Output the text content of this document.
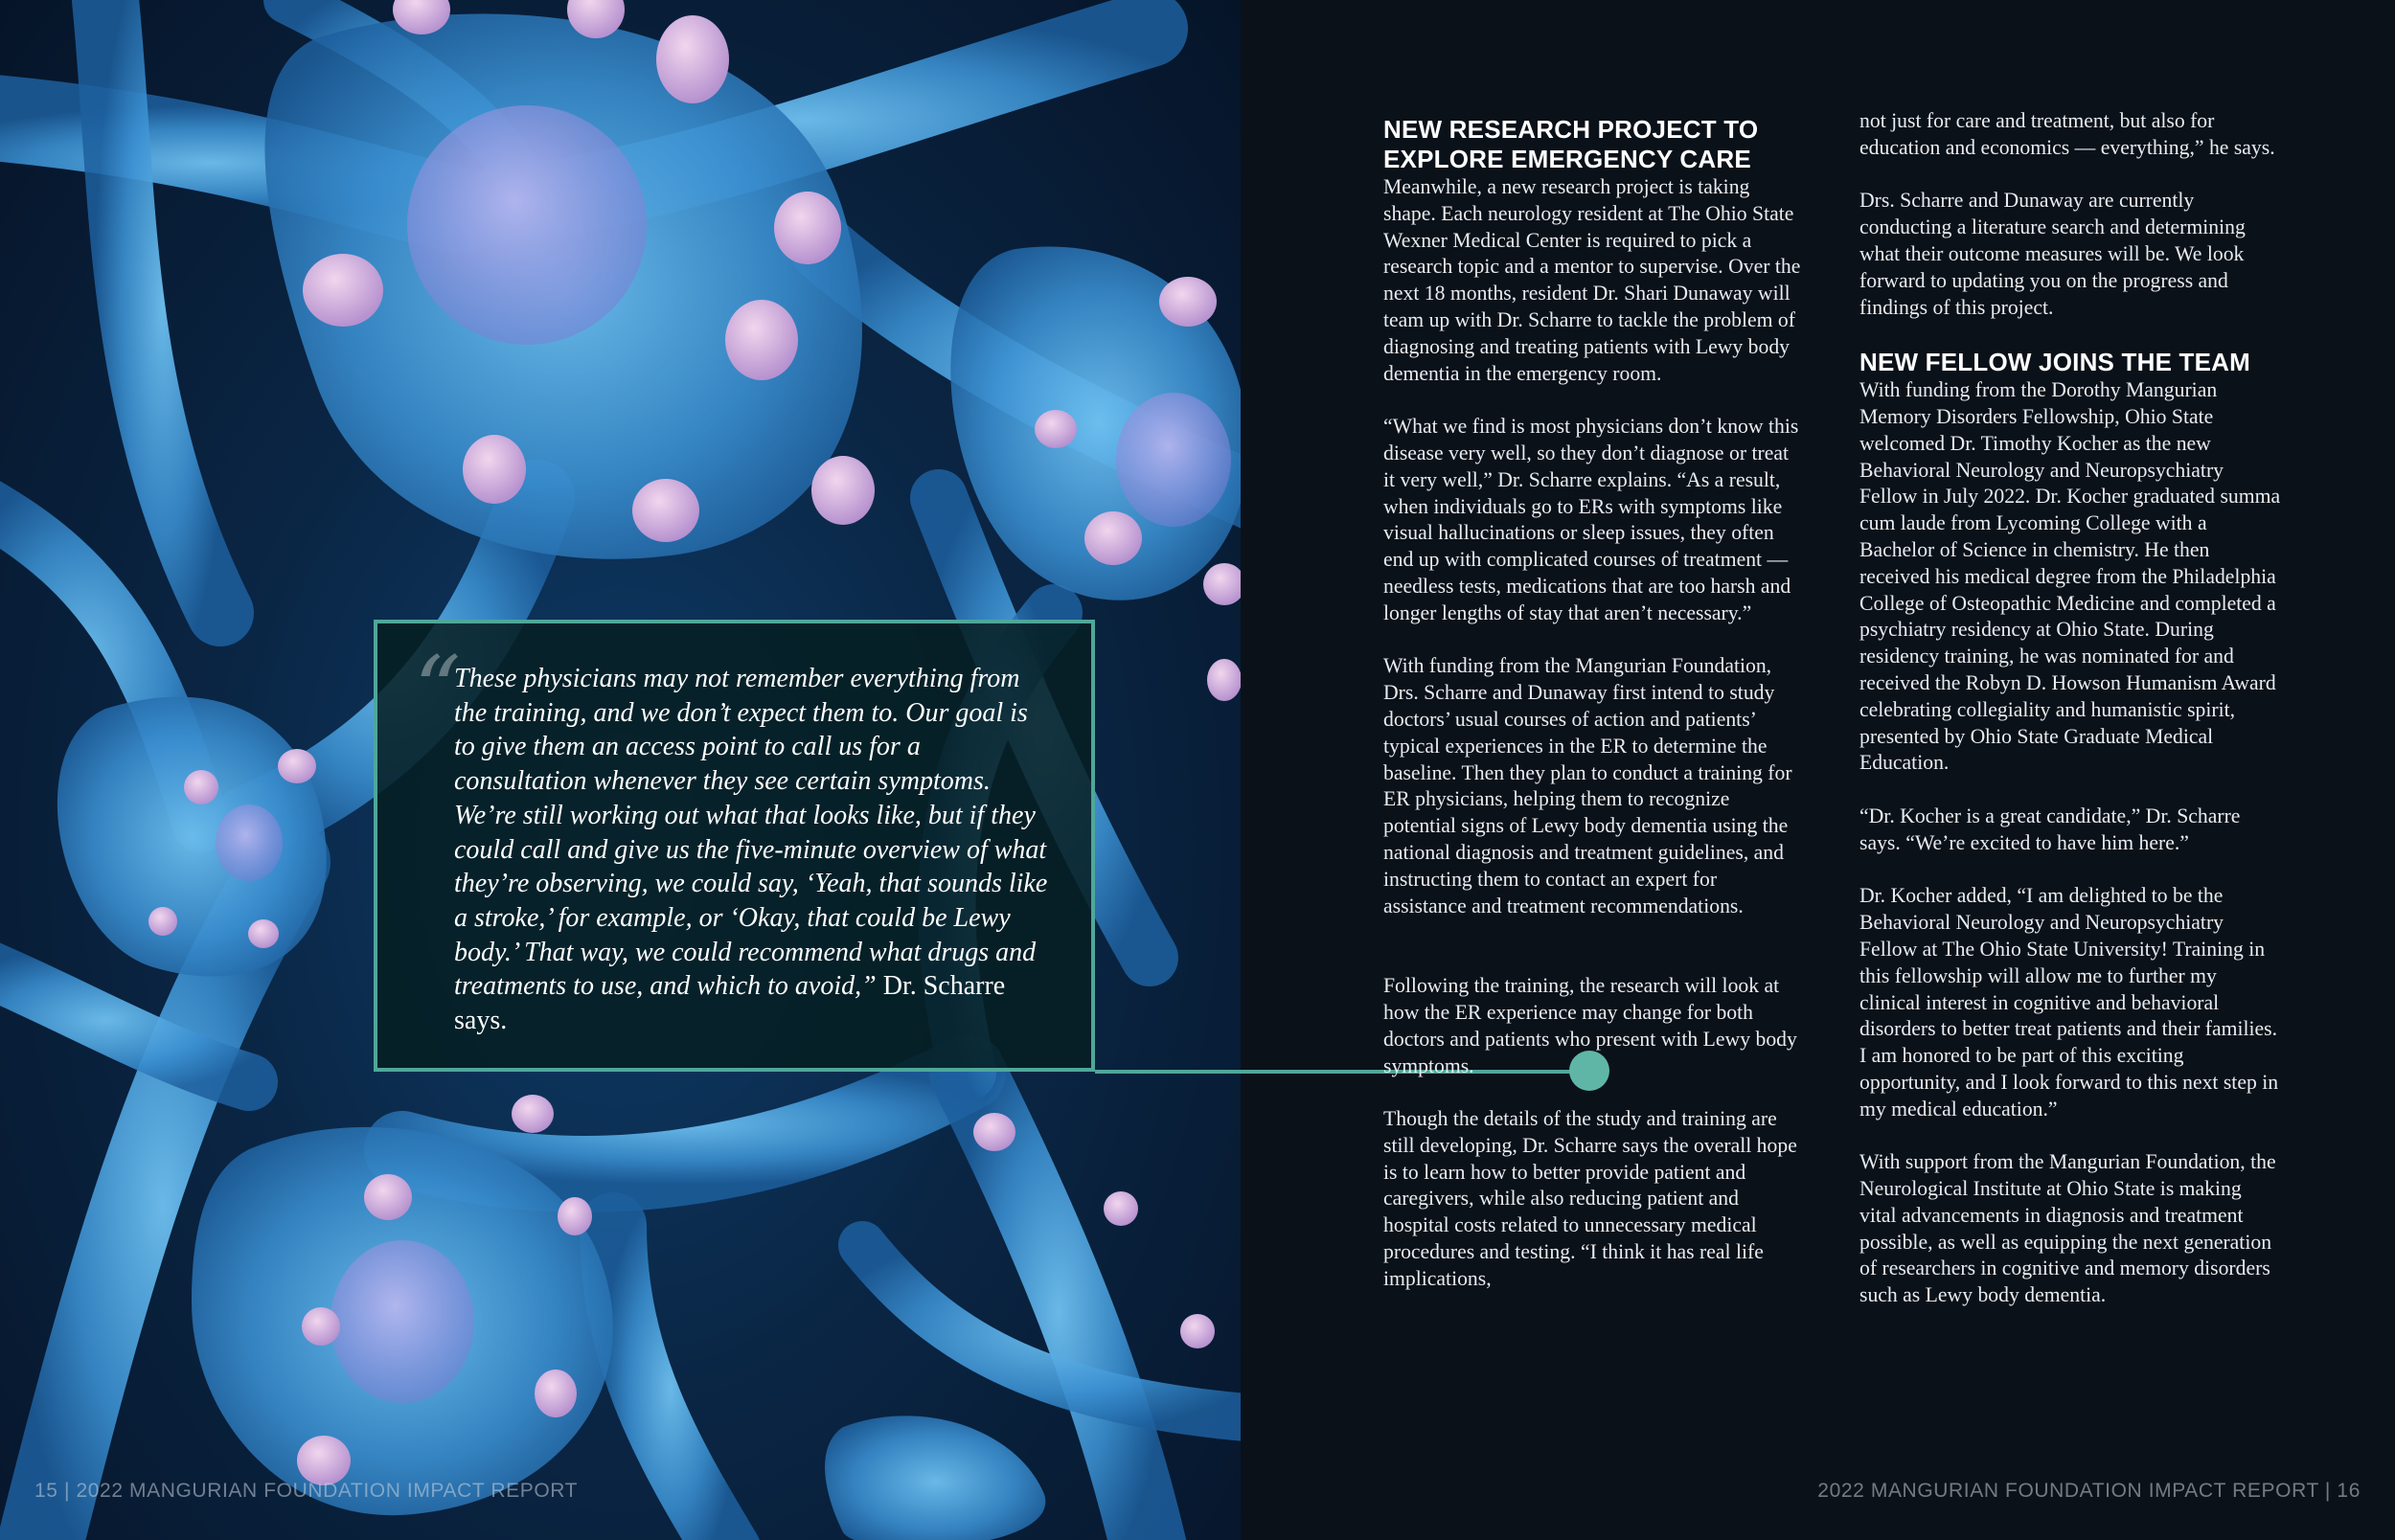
“

These physicians may not remember everything from the training, and we don’t expect them to. Our goal is to give them an access point to call us for a consultation whenever they see certain symptoms. We’re still working out what that looks like, but if they could call and give us the five-minute overview of what they’re observing, we could say, ‘Yeah, that sounds like a stroke,’ for example, or ‘Okay, that could be Lewy body.’ That way, we could recommend what drugs and treatments to use, and which to avoid,” Dr. Scharre says.

NEW RESEARCH PROJECT TO EXPLORE EMERGENCY CARE

Meanwhile, a new research project is taking shape. Each neurology resident at The Ohio State Wexner Medical Center is required to pick a research topic and a mentor to supervise. Over the next 18 months, resident Dr. Shari Dunaway will team up with Dr. Scharre to tackle the problem of diagnosing and treating patients with Lewy body dementia in the emergency room.

“What we find is most physicians don’t know this disease very well, so they don’t diagnose or treat it very well,” Dr. Scharre explains. “As a result, when individuals go to ERs with symptoms like visual hallucinations or sleep issues, they often end up with complicated courses of treatment — needless tests, medications that are too harsh and longer lengths of stay that aren’t necessary.”

With funding from the Mangurian Foundation, Drs. Scharre and Dunaway first intend to study doctors’ usual courses of action and patients’ typical experiences in the ER to determine the baseline. Then they plan to conduct a training for ER physicians, helping them to recognize potential signs of Lewy body dementia using the national diagnosis and treatment guidelines, and instructing them to contact an expert for assistance and treatment recommendations.

Following the training, the research will look at how the ER experience may change for both doctors and patients who present with Lewy body symptoms.

Though the details of the study and training are still developing, Dr. Scharre says the overall hope is to learn how to better provide patient and caregivers, while also reducing patient and hospital costs related to unnecessary medical procedures and testing. “I think it has real life implications,

not just for care and treatment, but also for education and economics — everything,” he says.

Drs. Scharre and Dunaway are currently conducting a literature search and determining what their outcome measures will be. We look forward to updating you on the progress and findings of this project.

NEW FELLOW JOINS THE TEAM

With funding from the Dorothy Mangurian Memory Disorders Fellowship, Ohio State welcomed Dr. Timothy Kocher as the new Behavioral Neurology and Neuropsychiatry Fellow in July 2022. Dr. Kocher graduated summa cum laude from Lycoming College with a Bachelor of Science in chemistry. He then received his medical degree from the Philadelphia College of Osteopathic Medicine and completed a psychiatry residency at Ohio State. During residency training, he was nominated for and received the Robyn D. Howson Humanism Award celebrating collegiality and humanistic spirit, presented by Ohio State Graduate Medical Education.

“Dr. Kocher is a great candidate,” Dr. Scharre says. “We’re excited to have him here.”

Dr. Kocher added, “I am delighted to be the Behavioral Neurology and Neuropsychiatry Fellow at The Ohio State University! Training in this fellowship will allow me to further my clinical interest in cognitive and behavioral disorders to better treat patients and their families. I am honored to be part of this exciting opportunity, and I look forward to this next step in my medical education.”

With support from the Mangurian Foundation, the Neurological Institute at Ohio State is making vital advancements in diagnosis and treatment possible, as well as equipping the next generation of researchers in cognitive and memory disorders such as Lewy body dementia.

15 | 2022 MANGURIAN FOUNDATION IMPACT REPORT	2022 MANGURIAN FOUNDATION IMPACT REPORT | 16
